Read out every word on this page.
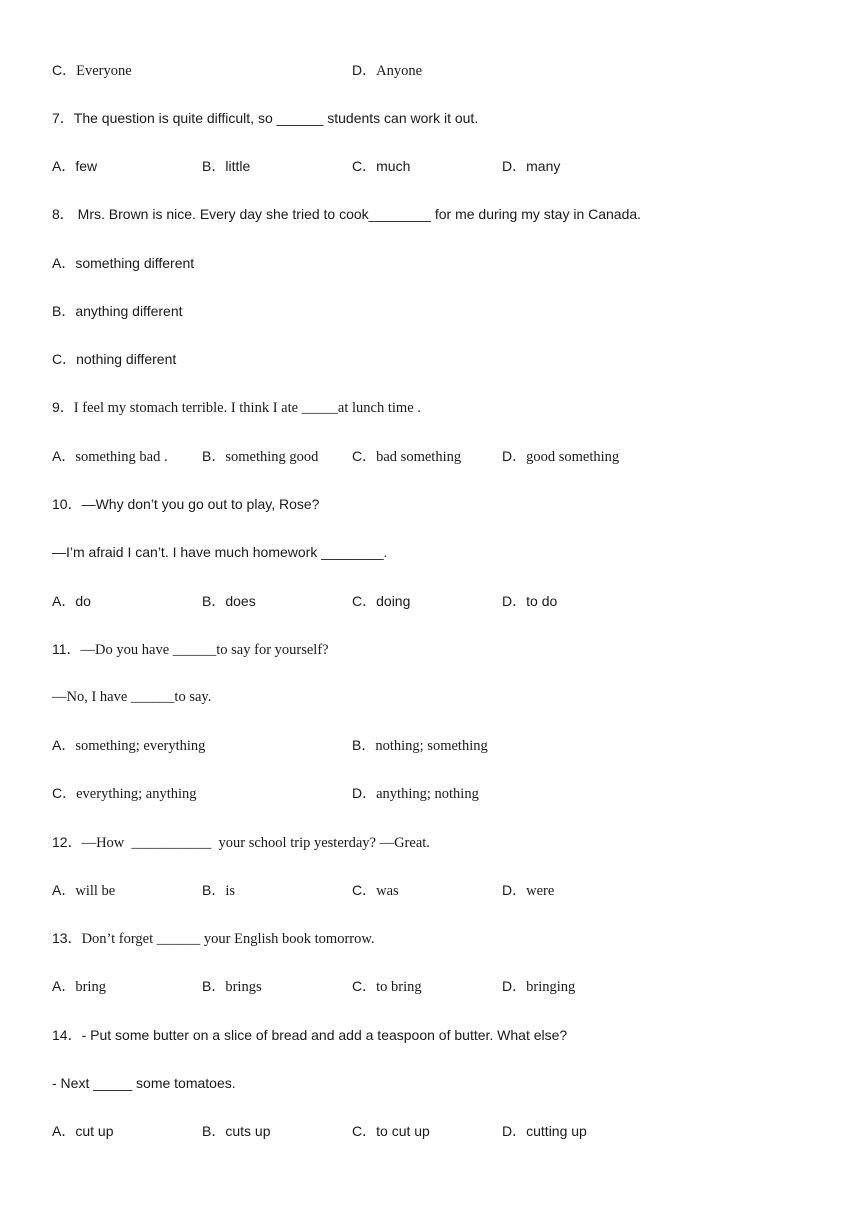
C．Everyone	D．Anyone
7．The question is quite difficult, so ______ students can work it out.
A．few	B．little	C．much	D．many
8． Mrs. Brown is nice. Every day she tried to cook________ for me during my stay in Canada.
A．something different
B．anything different
C．nothing different
9．I feel my stomach terrible. I think I ate _____at lunch time .
A．something bad . B．something good C．bad something	D．good something
10．—Why don’t you go out to play, Rose?
—I’m afraid I can’t. I have much homework ________.
A．do	B．does	C．doing	D．to do
11．—Do you have ______to say for yourself?
—No, I have ______to say.
A．something; everything	B．nothing; something
C．everything; anything	D．anything; nothing
12．—How  ___________  your school trip yesterday? —Great.
A．will be	B．is	C．was	D．were
13．Don’t forget ______ your English book tomorrow.
A．bring	B．brings	C．to bring	D．bringing
14．- Put some butter on a slice of bread and add a teaspoon of butter. What else?
- Next _____ some tomatoes.
A．cut up	B．cuts up	C．to cut up	D．cutting up
